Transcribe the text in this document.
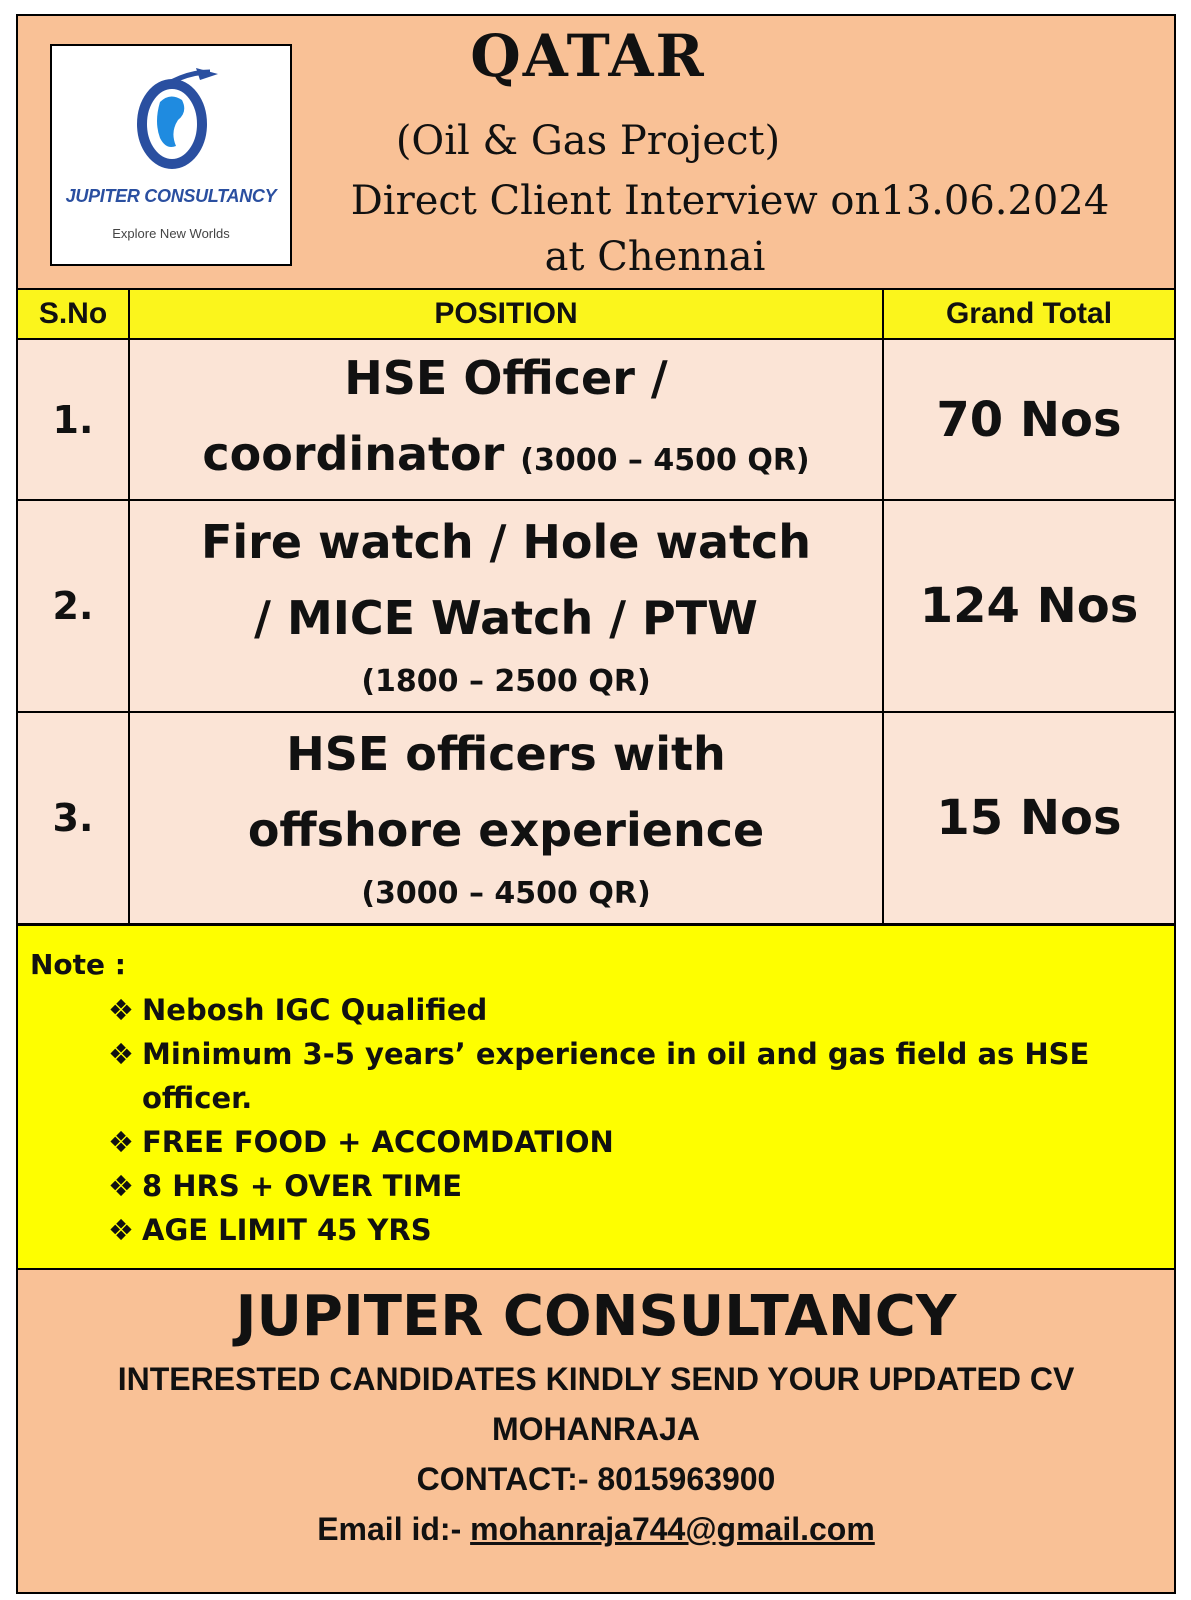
JUPITER CONSULTANCY
Explore New Worlds
QATAR
(Oil & Gas Project)
Direct Client Interview on13.06.2024
at Chennai
S.No	POSITION	Grand Total
1.	HSE Officer /
coordinator (3000 – 4500 QR)	70 Nos
2.	Fire watch / Hole watch
/ MICE Watch / PTW
(1800 – 2500 QR)	124 Nos
3.	HSE officers with
offshore experience
(3000 – 4500 QR)	15 Nos
Note :
❖ Nebosh IGC Qualified
❖ Minimum 3-5 years’ experience in oil and gas field as HSE officer.
❖ FREE FOOD + ACCOMDATION
❖ 8 HRS + OVER TIME
❖ AGE LIMIT 45 YRS
JUPITER CONSULTANCY
INTERESTED CANDIDATES KINDLY SEND YOUR UPDATED CV
MOHANRAJA
CONTACT:- 8015963900
Email id:- mohanraja744@gmail.com
